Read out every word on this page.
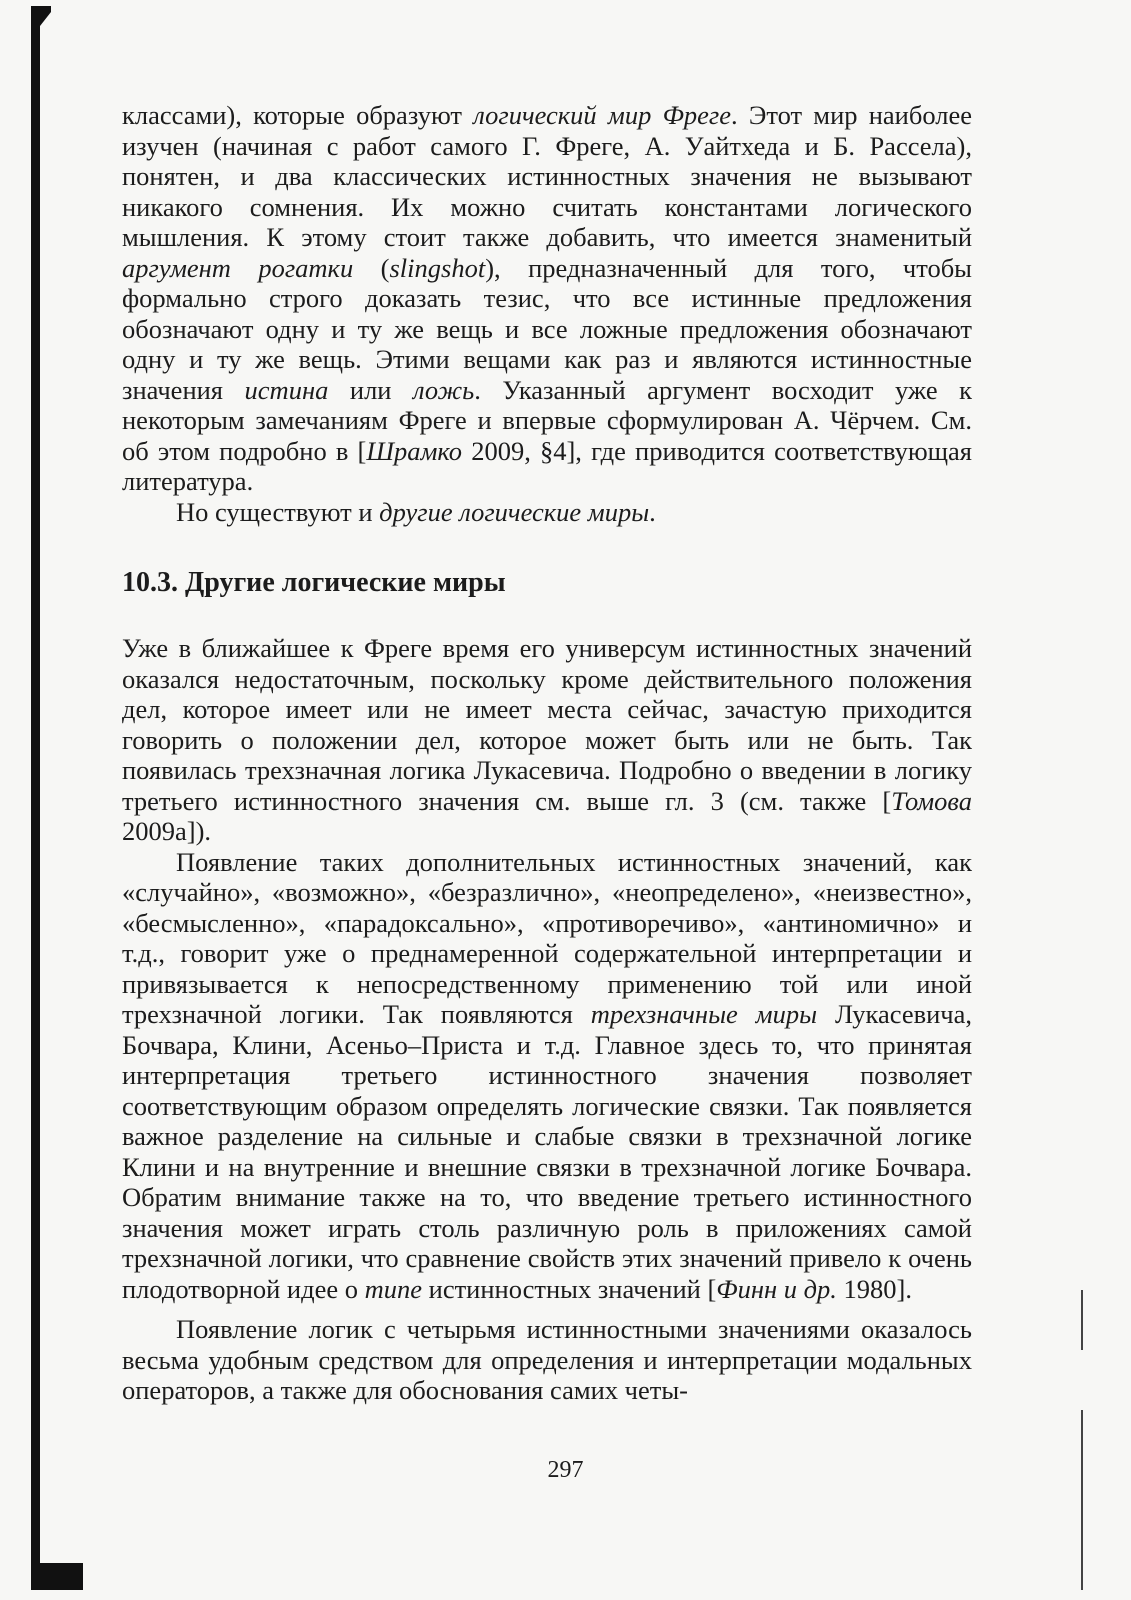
классами), которые образуют логический мир Фреге. Этот мир наиболее изучен (начиная с работ самого Г. Фреге, А. Уайтхеда и Б. Рассела), понятен, и два классических истинностных значения не вызывают никакого сомнения. Их можно считать константами логического мышления. К этому стоит также добавить, что имеется знаменитый аргумент рогатки (slingshot), предназначенный для того, чтобы формально строго доказать тезис, что все истинные предложения обозначают одну и ту же вещь и все ложные предложения обозначают одну и ту же вещь. Этими вещами как раз и являются истинностные значения истина или ложь. Указанный аргумент восходит уже к некоторым замечаниям Фреге и впервые сформулирован А. Чёрчем. См. об этом подробно в [Шрамко 2009, §4], где приводится соответствующая литература.

Но существуют и другие логические миры.

10.3. Другие логические миры

Уже в ближайшее к Фреге время его универсум истинностных значений оказался недостаточным, поскольку кроме действительного положения дел, которое имеет или не имеет места сейчас, зачастую приходится говорить о положении дел, которое может быть или не быть. Так появилась трехзначная логика Лукасевича. Подробно о введении в логику третьего истинностного значения см. выше гл. 3 (см. также [Томова 2009а]).

Появление таких дополнительных истинностных значений, как «случайно», «возможно», «безразлично», «неопределено», «неизвестно», «бесмысленно», «парадоксально», «противоречиво», «антиномично» и т.д., говорит уже о преднамеренной содержательной интерпретации и привязывается к непосредственному применению той или иной трехзначной логики. Так появляются трехзначные миры Лукасевича, Бочвара, Клини, Асеньо–Приста и т.д. Главное здесь то, что принятая интерпретация третьего истинностного значения позволяет соответствующим образом определять логические связки. Так появляется важное разделение на сильные и слабые связки в трехзначной логике Клини и на внутренние и внешние связки в трехзначной логике Бочвара. Обратим внимание также на то, что введение третьего истинностного значения может играть столь различную роль в приложениях самой трехзначной логики, что сравнение свойств этих значений привело к очень плодотворной идее о типе истинностных значений [Финн и др. 1980].

Появление логик с четырьмя истинностными значениями оказалось весьма удобным средством для определения и интерпретации модальных операторов, а также для обоснования самих четы-

297
